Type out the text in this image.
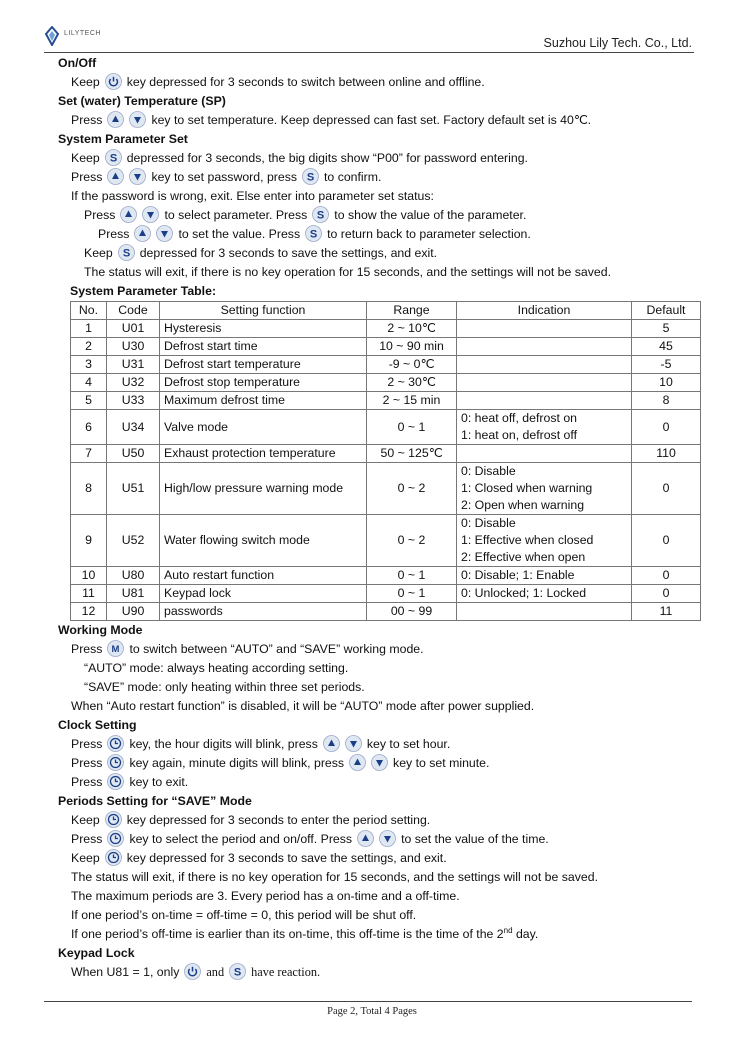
LILYTECH
Suzhou Lily Tech. Co., Ltd.
On/Off
Keep key depressed for 3 seconds to switch between online and offline.
Set (water) Temperature (SP)
Press	key to set temperature. Keep depressed can fast set. Factory default set is 40℃.
System Parameter Set
Keep S depressed for 3 seconds, the big digits show “P00” for password entering.
Press	key to set password, press S to confirm.
If the password is wrong, exit. Else enter into parameter set status:
Press	to select parameter. Press S to show the value of the parameter.
Press	to set the value. Press S to return back to parameter selection.
Keep S depressed for 3 seconds to save the settings, and exit.
The status will exit, if there is no key operation for 15 seconds, and the settings will not be saved.
System Parameter Table:
No.	Code	Setting function	Range	Indication	Default
1	U01	Hysteresis	2 ~ 10℃		5
2	U30	Defrost start time	10 ~ 90 min		45
3	U31	Defrost start temperature	-9 ~ 0℃		-5
4	U32	Defrost stop temperature	2 ~ 30℃		10
5	U33	Maximum defrost time	2 ~ 15 min		8
6	U34	Valve mode	0 ~ 1	0: heat off, defrost on
1: heat on, defrost off	0
7	U50	Exhaust protection temperature	50 ~ 125℃		110
8	U51	High/low pressure warning mode	0 ~ 2	0: Disable
1: Closed when warning
2: Open when warning	0
9	U52	Water flowing switch mode	0 ~ 2	0: Disable
1: Effective when closed
2: Effective when open	0
10	U80	Auto restart function	0 ~ 1	0: Disable; 1: Enable	0
11	U81	Keypad lock	0 ~ 1	0: Unlocked; 1: Locked	0
12	U90	passwords	00 ~ 99		11
Working Mode
Press M to switch between “AUTO” and “SAVE” working mode.
“AUTO” mode: always heating according setting.
“SAVE” mode: only heating within three set periods.
When “Auto restart function” is disabled, it will be “AUTO” mode after power supplied.
Clock Setting
Press key, the hour digits will blink, press	key to set hour.
Press key again, minute digits will blink, press	key to set minute.
Press key to exit.
Periods Setting for “SAVE” Mode
Keep key depressed for 3 seconds to enter the period setting.
Press key to select the period and on/off. Press	to set the value of the time.
Keep key depressed for 3 seconds to save the settings, and exit.
The status will exit, if there is no key operation for 15 seconds, and the settings will not be saved.
The maximum periods are 3. Every period has a on-time and a off-time.
If one period’s on-time = off-time = 0, this period will be shut off.
If one period’s off-time is earlier than its on-time, this off-time is the time of the 2nd day.
Keypad Lock
When U81 = 1, only and S have reaction.
Page 2, Total 4 Pages
